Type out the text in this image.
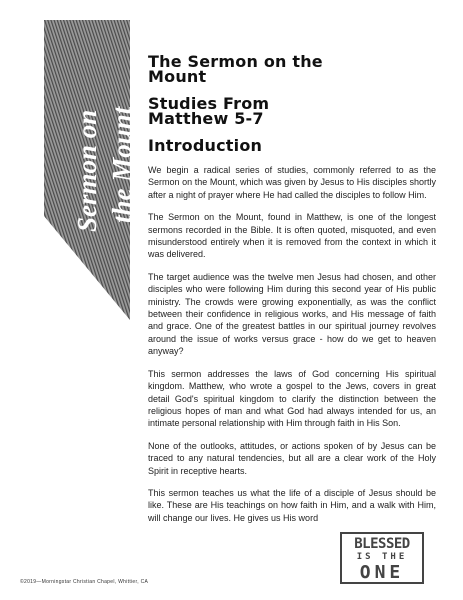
Sermon on the Mount
The Sermon on the
Mount
Studies From
Matthew 5-7
Introduction

We begin a radical series of studies, commonly referred to as the Sermon on the Mount, which was given by Jesus to His disciples shortly after a night of prayer where He had called the disciples to follow Him.

The Sermon on the Mount, found in Matthew, is one of the longest sermons recorded in the Bible. It is often quoted, misquoted, and even misunderstood entirely when it is removed from the context in which it was delivered.

The target audience was the twelve men Jesus had chosen, and other disciples who were following Him during this second year of His public ministry. The crowds were growing exponentially, as was the conflict between their confidence in religious works, and His message of faith and grace. One of the greatest battles in our spiritual journey revolves around the issue of works versus grace - how do we get to heaven anyway?

This sermon addresses the laws of God concerning His spiritual kingdom. Matthew, who wrote a gospel to the Jews, covers in great detail God's spiritual kingdom to clarify the distinction between the religious hopes of man and what God had always intended for us, an intimate personal relationship with Him through faith in His Son.

None of the outlooks, attitudes, or actions spoken of by Jesus can be traced to any natural tendencies, but all are a clear work of the Holy Spirit in receptive hearts.

This sermon teaches us what the life of a disciple of Jesus should be like. These are His teachings on how faith in Him, and a walk with Him, will change our lives. He gives us His word

©2019—Morningstar Christian Chapel, Whittier, CA
BLESSED
IS THE
ONE
